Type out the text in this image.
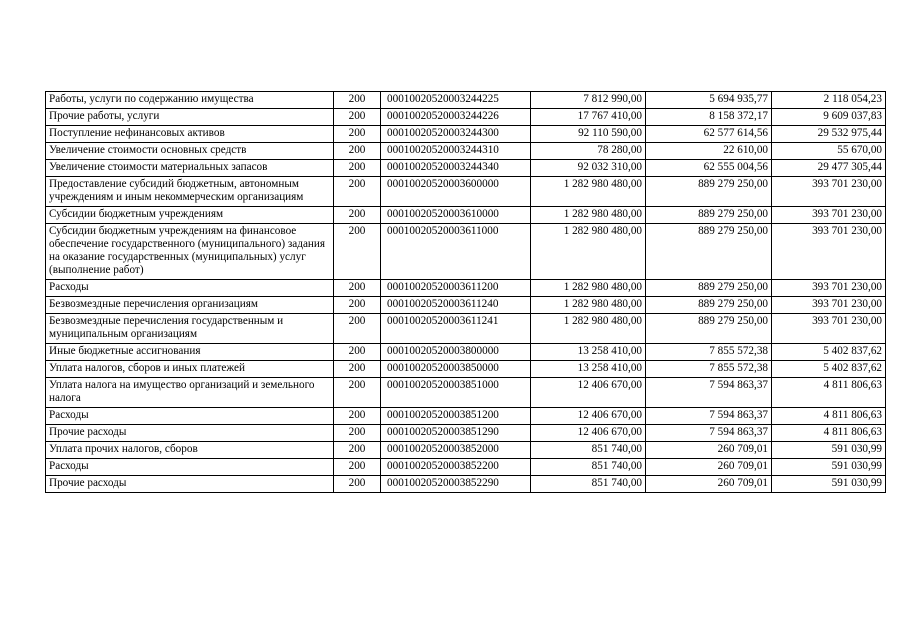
Работы, услуги по содержанию имущества	200	00010020520003244225	7 812 990,00	5 694 935,77	2 118 054,23
Прочие работы, услуги	200	00010020520003244226	17 767 410,00	8 158 372,17	9 609 037,83
Поступление нефинансовых активов	200	00010020520003244300	92 110 590,00	62 577 614,56	29 532 975,44
Увеличение стоимости основных средств	200	00010020520003244310	78 280,00	22 610,00	55 670,00
Увеличение стоимости материальных запасов	200	00010020520003244340	92 032 310,00	62 555 004,56	29 477 305,44
Предоставление субсидий бюджетным, автономным учреждениям и иным некоммерческим организациям	200	00010020520003600000	1 282 980 480,00	889 279 250,00	393 701 230,00
Субсидии бюджетным учреждениям	200	00010020520003610000	1 282 980 480,00	889 279 250,00	393 701 230,00
Субсидии бюджетным учреждениям на финансовое обеспечение государственного (муниципального) задания на оказание государственных (муниципальных) услуг (выполнение работ)	200	00010020520003611000	1 282 980 480,00	889 279 250,00	393 701 230,00
Расходы	200	00010020520003611200	1 282 980 480,00	889 279 250,00	393 701 230,00
Безвозмездные перечисления организациям	200	00010020520003611240	1 282 980 480,00	889 279 250,00	393 701 230,00
Безвозмездные перечисления государственным и муниципальным организациям	200	00010020520003611241	1 282 980 480,00	889 279 250,00	393 701 230,00
Иные бюджетные ассигнования	200	00010020520003800000	13 258 410,00	7 855 572,38	5 402 837,62
Уплата налогов, сборов и иных платежей	200	00010020520003850000	13 258 410,00	7 855 572,38	5 402 837,62
Уплата налога на имущество организаций и земельного налога	200	00010020520003851000	12 406 670,00	7 594 863,37	4 811 806,63
Расходы	200	00010020520003851200	12 406 670,00	7 594 863,37	4 811 806,63
Прочие расходы	200	00010020520003851290	12 406 670,00	7 594 863,37	4 811 806,63
Уплата прочих налогов, сборов	200	00010020520003852000	851 740,00	260 709,01	591 030,99
Расходы	200	00010020520003852200	851 740,00	260 709,01	591 030,99
Прочие расходы	200	00010020520003852290	851 740,00	260 709,01	591 030,99
